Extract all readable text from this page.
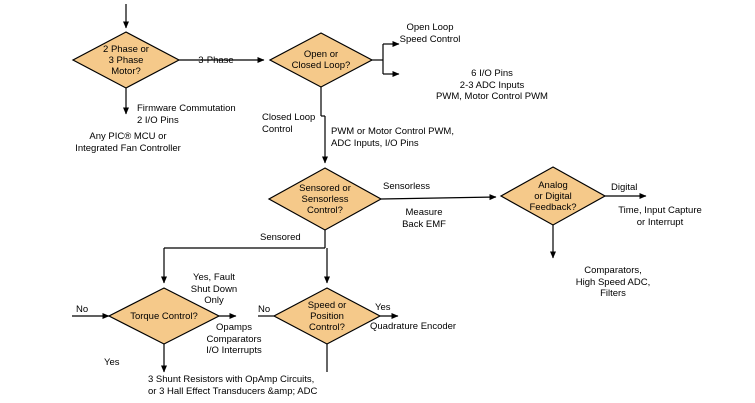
2 Phase or
3 Phase
Motor?
Open or
Closed Loop?
Sensored or
Sensorless
Control?
Analog
or Digital
Feedback?
Torque Control?
Speed or
Position
Control?
3-Phase
Firmware Commutation
2 I/O Pins
Any PIC® MCU or
Integrated Fan Controller
Open Loop
Speed Control
6 I/O Pins
2-3 ADC Inputs
PWM, Motor Control PWM
Closed Loop
Control	PWM or Motor Control PWM,
ADC Inputs, I/O Pins
Sensorless
Measure
Back EMF
Sensored
Digital
Time, Input Capture
or Interrupt
Comparators,
High Speed ADC,
Filters
No
Yes, Fault
Shut Down
Only
Opamps
Comparators
I/O Interrupts
Yes
3 Shunt Resistors with OpAmp Circuits,
or 3 Hall Effect Transducers &amp; ADC
No	Yes
Quadrature Encoder
